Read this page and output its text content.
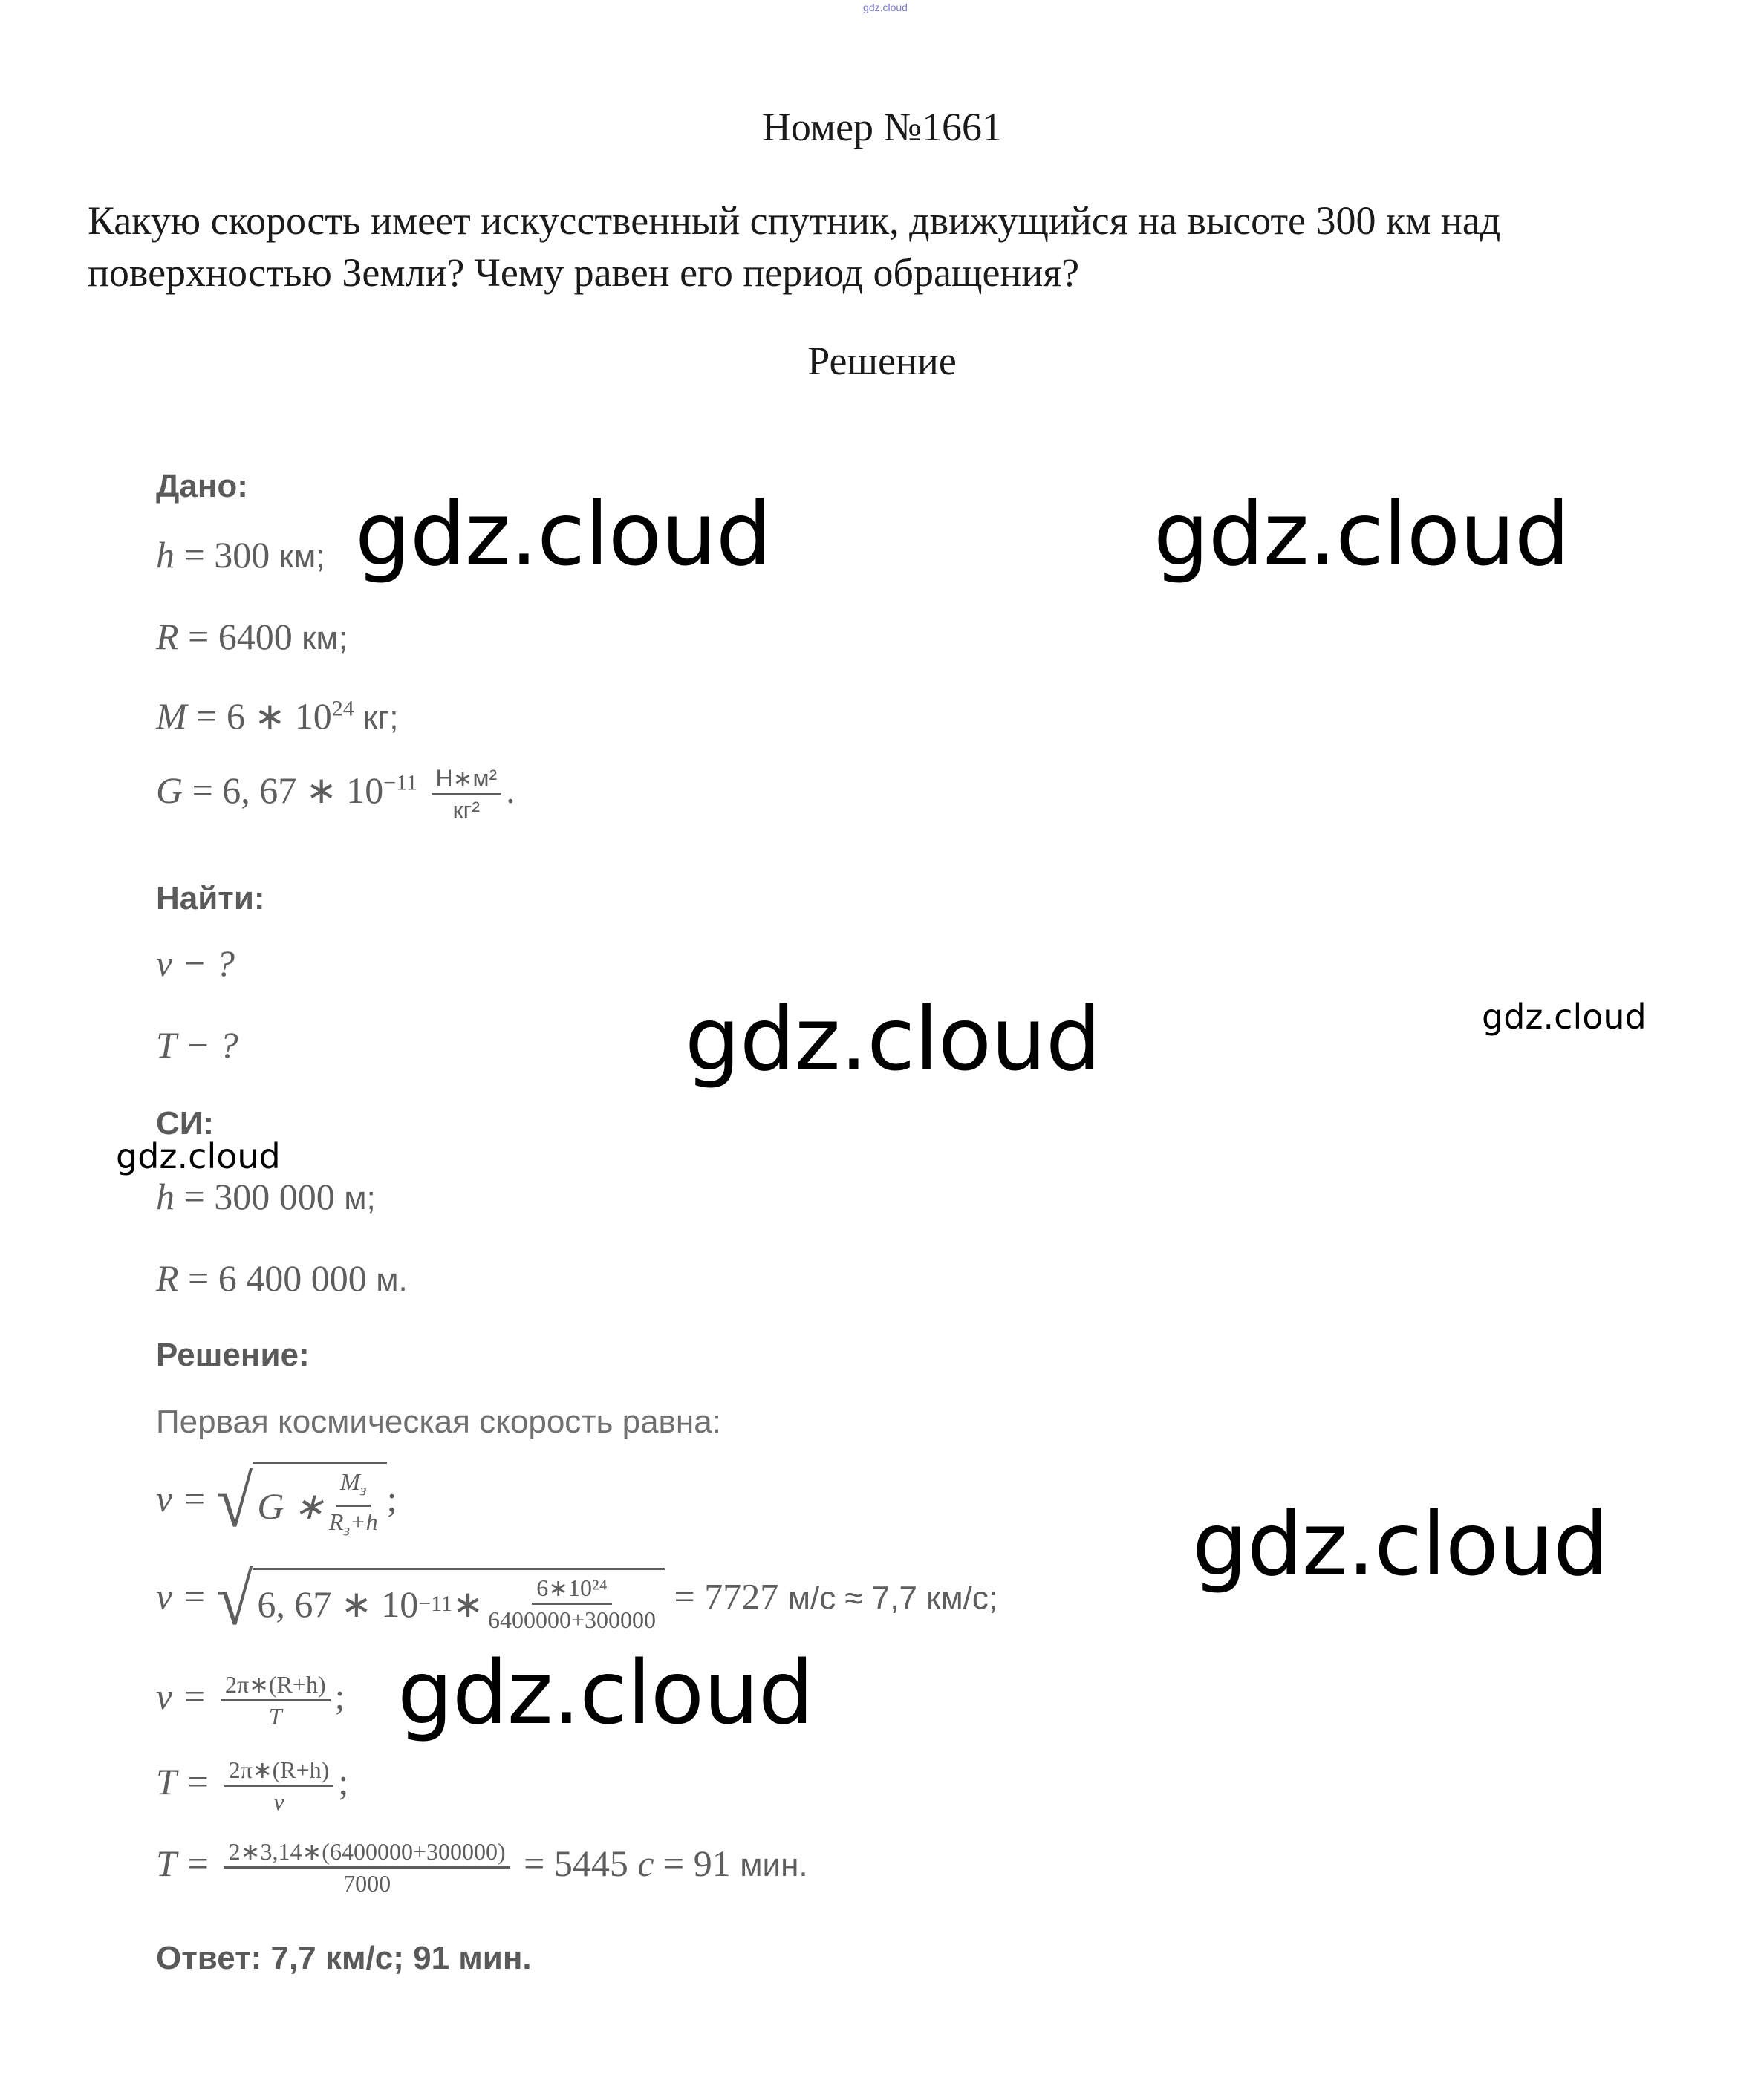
gdz.cloud
Номер №1661
Какую скорость имеет искусственный спутник, движущийся на высоте 300 км над поверхностью Земли? Чему равен его период обращения?
Решение
Дано:
h = 300 км;
R = 6400 км;
M = 6 ∗ $10^{24}$ кг;
G = 6, 67 ∗ $10^{-11} \frac{\text{Н∗м²}}{\text{кг²}}$ .
Найти:
v − ?
T − ?
СИ:
h = 300 000 м;
R = 6 400 000 м.
Решение:
Первая космическая скорость равна:
v = √ G ∗ $\frac{M_з}{R_з+h}$ ;
v = √ 6, 67 ∗ 10 −11 ∗ $\frac{\text{6∗10²⁴}}{6400000+300000} = 7727$ м/с ≈ 7,7 км/с;
$v = \frac{2\pi∗(R+h)}{T}$ ;
$T = \frac{2\pi∗(R+h)}{v}$ ;
$T = \frac{2∗3,14∗(6400000+300000)}{7000} = 5445$ c = 91 мин.
Ответ: 7,7 км/с; 91 мин.
gdz.cloud	gdz.cloud
gdz.cloud	gdz.cloud
gdz.cloud
gdz.cloud
gdz.cloud
